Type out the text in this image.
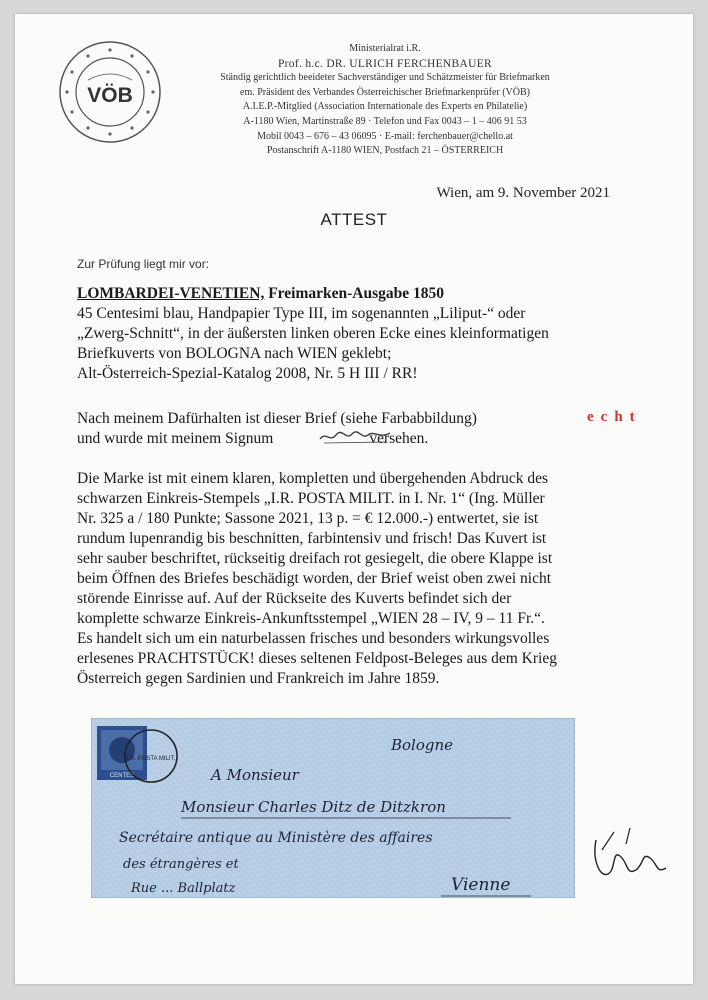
VÖB
Ministerialrat i.R.
Prof. h.c. DR. ULRICH FERCHENBAUER
Ständig gerichtlich beeideter Sachverständiger und Schätzmeister für Briefmarken
em. Präsident des Verbandes Österreichischer Briefmarkenprüfer (VÖB)
A.I.E.P.-Mitglied (Association Internationale des Experts en Philatelie)
A-1180 Wien, Martinstraße 89 · Telefon und Fax 0043 – 1 – 406 91 53
Mobil 0043 – 676 – 43 06095 · E-mail: ferchenbauer@chello.at
Postanschrift A-1180 WIEN, Postfach 21 – ÖSTERREICH
Wien, am 9. November 2021
ATTEST
Zur Prüfung liegt mir vor:
LOMBARDEI-VENETIEN, Freimarken-Ausgabe 1850
45 Centesimi blau, Handpapier Type III, im sogenannten „Liliput-“ oder
„Zwerg-Schnitt“, in der äußersten linken oberen Ecke eines kleinformatigen
Briefkuverts von BOLOGNA nach WIEN geklebt;
Alt-Österreich-Spezial-Katalog 2008, Nr. 5 H III / RR!
Nach meinem Dafürhalten ist dieser Brief (siehe Farbabbildung)
und wurde mit meinem Signum	versehen.
echt
Die Marke ist mit einem klaren, kompletten und übergehenden Abdruck des
schwarzen Einkreis-Stempels „I.R. POSTA MILIT. in I. Nr. 1“ (Ing. Müller
Nr. 325 a / 180 Punkte; Sassone 2021, 13 p. = € 12.000.-) entwertet, sie ist
rundum lupenrandig bis beschnitten, farbintensiv und frisch! Das Kuvert ist
sehr sauber beschriftet, rückseitig dreifach rot gesiegelt, die obere Klappe ist
beim Öffnen des Briefes beschädigt worden, der Brief weist oben zwei nicht
störende Einrisse auf. Auf der Rückseite des Kuverts befindet sich der
komplette schwarze Einkreis-Ankunftsstempel „WIEN 28 – IV, 9 – 11 Fr.“.
Es handelt sich um ein naturbelassen frisches und besonders wirkungsvolles
erlesenes PRACHTSTÜCK! dieses seltenen Feldpost-Beleges aus dem Krieg
Österreich gegen Sardinien und Frankreich im Jahre 1859.
CENTES
I.R. POSTA MILIT.
Bologne
A Monsieur
Monsieur Charles Ditz de Ditzkron
Secrétaire antique au Ministère des affaires
des étrangères et
Vienne
Rue ... Ballplatz
